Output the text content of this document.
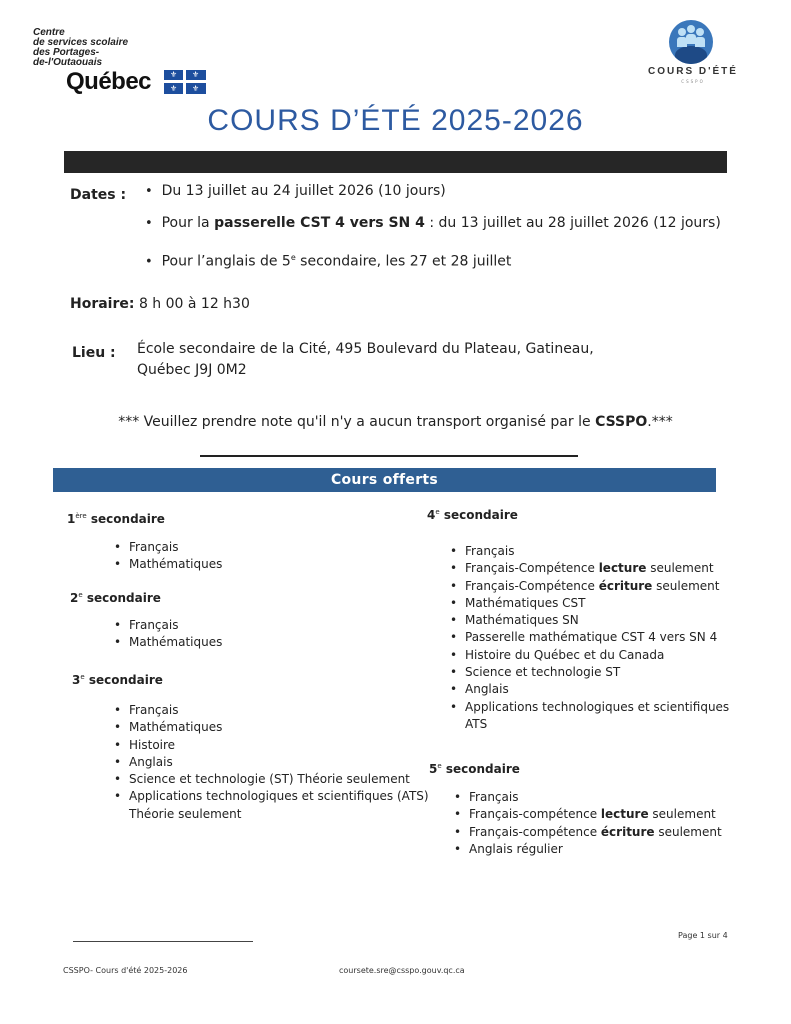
Centre
de services scolaire
des Portages-
de-l'Outaouais
Québec ⚜ ⚜
⚜ ⚜
COURS D'ÉTÉ
CSSPO
COURS D’ÉTÉ 2025-2026
Dates : • Du 13 juillet au 24 juillet 2026 (10 jours)
• Pour la passerelle CST 4 vers SN 4 : du 13 juillet au 28 juillet 2026 (12 jours)
• Pour l’anglais de 5e secondaire, les 27 et 28 juillet
Horaire: 8 h 00 à 12 h30
Lieu : École secondaire de la Cité, 495 Boulevard du Plateau, Gatineau,
Québec J9J 0M2
*** Veuillez prendre note qu'il n'y a aucun transport organisé par le CSSPO.***
Cours offerts
1ère secondaire
• Français
• Mathématiques
2e secondaire
• Français
• Mathématiques
3e secondaire
• Français
• Mathématiques
• Histoire
• Anglais
• Science et technologie (ST) Théorie seulement
• Applications technologiques et scientifiques (ATS)
Théorie seulement
4e secondaire
• Français
• Français-Compétence lecture seulement
• Français-Compétence écriture seulement
• Mathématiques CST
• Mathématiques SN
• Passerelle mathématique CST 4 vers SN 4
• Histoire du Québec et du Canada
• Science et technologie ST
• Anglais
• Applications technologiques et scientifiques
ATS
5e secondaire
• Français
• Français-compétence lecture seulement
• Français-compétence écriture seulement
• Anglais régulier
Page 1 sur 4
CSSPO- Cours d'été 2025-2026	coursete.sre@csspo.gouv.qc.ca
